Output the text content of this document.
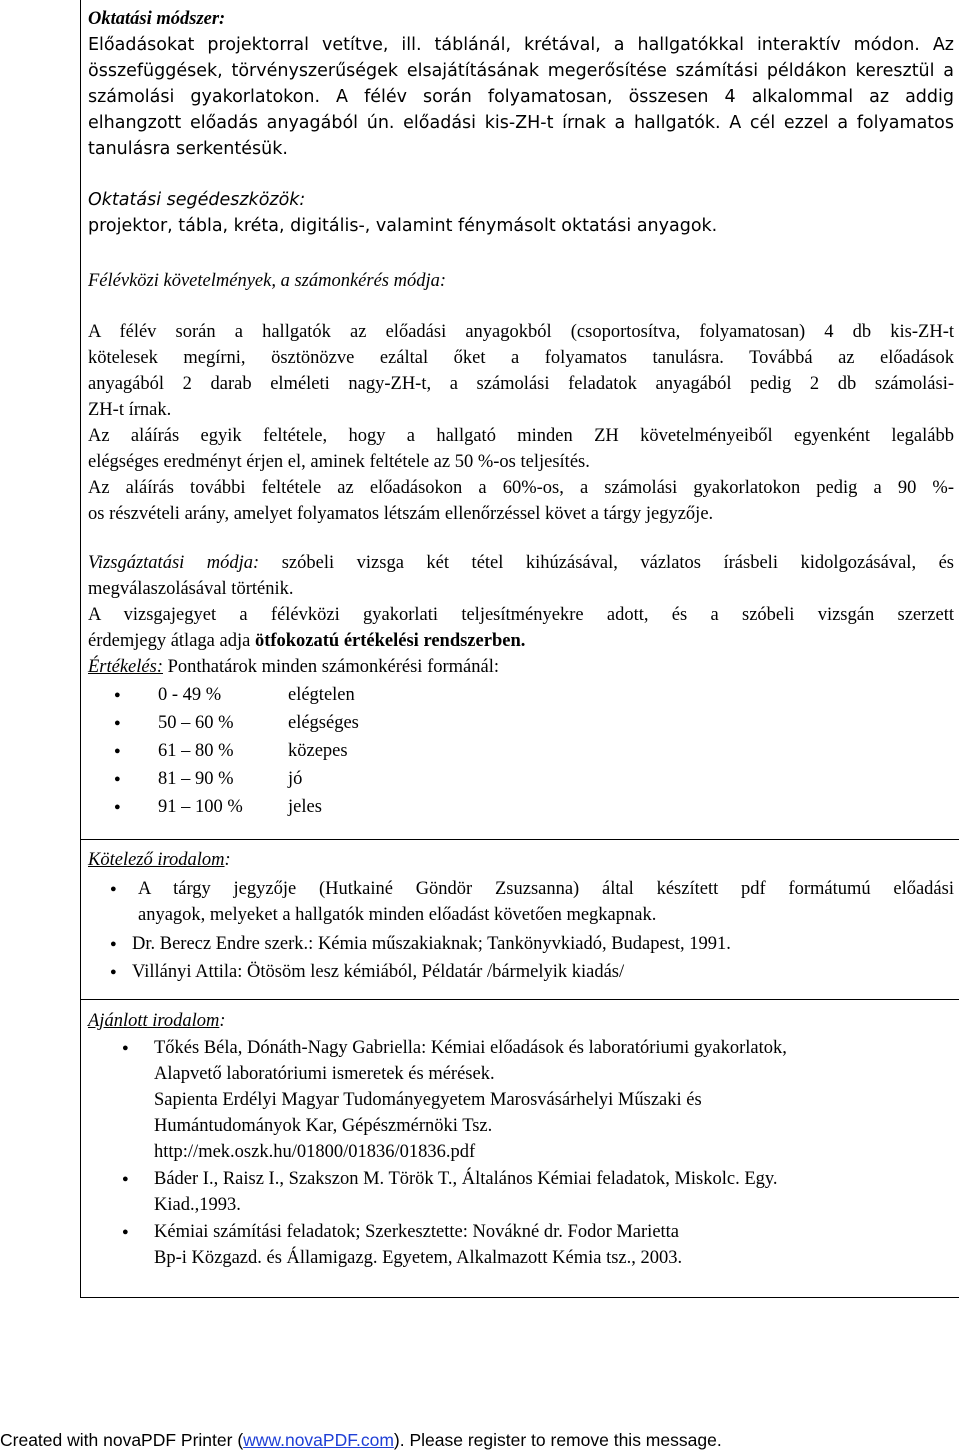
Oktatási módszer:

Előadásokat projektorral vetítve, ill. táblánál, krétával, a hallgatókkal interaktív módon. Az

összefüggések, törvényszerűségek elsajátításának megerősítése számítási példákon keresztül a

számolási gyakorlatokon. A félév során folyamatosan, összesen 4 alkalommal az addig

elhangzott előadás anyagából ún. előadási kis-ZH-t írnak a hallgatók. A cél ezzel a folyamatos

tanulásra serkentésük.

Oktatási segédeszközök:
projektor, tábla, kréta, digitális-, valamint fénymásolt oktatási anyagok.
Félévközi követelmények, a számonkérés módja:

A félév során a hallgatók az előadási anyagokból (csoportosítva, folyamatosan) 4 db kis-ZH-t

kötelesek megírni, ösztönözve ezáltal őket a folyamatos tanulásra. Továbbá az előadások

anyagából 2 darab elméleti nagy-ZH-t, a számolási feladatok anyagából pedig 2 db számolási-

ZH-t írnak.

Az aláírás egyik feltétele, hogy a hallgató minden ZH követelményeiből egyenként legalább

elégséges eredményt érjen el, aminek feltétele az 50 %-os teljesítés.

Az aláírás további feltétele az előadásokon a 60%-os, a számolási gyakorlatokon pedig a 90 %-

os részvételi arány, amelyet folyamatos létszám ellenőrzéssel követ a tárgy jegyzője.

Vizsgáztatási módja: szóbeli vizsga két tétel kihúzásával, vázlatos írásbeli kidolgozásával, és

megválaszolásával történik.

A vizsgajegyet a félévközi gyakorlati teljesítményekre adott, és a szóbeli vizsgán szerzett

érdemjegy átlaga adja ötfokozatú értékelési rendszerben.

Értékelés: Ponthatárok minden számonkérési formánál:

●	0 - 49 %	elégtelen
●	50 – 60 %	elégséges
●	61 – 80 %	közepes
●	81 – 90 %	jó
●	91 – 100 %	jeles
Kötelező irodalom:
● A tárgy jegyzője (Hutkainé Göndör Zsuzsanna) által készített pdf formátumú előadási

anyagok, melyeket a hallgatók minden előadást követően megkapnak.

● Dr. Berecz Endre szerk.: Kémia műszakiaknak; Tankönyvkiadó, Budapest, 1991.

● Villányi Attila: Ötösöm lesz kémiából, Példatár /bármelyik kiadás/

Ajánlott irodalom:
● Tőkés Béla, Dónáth-Nagy Gabriella: Kémiai előadások és laboratóriumi gyakorlatok,

Alapvető laboratóriumi ismeretek és mérések.

Sapienta Erdélyi Magyar Tudományegyetem Marosvásárhelyi Műszaki és

Humántudományok Kar, Gépészmérnöki Tsz.

http://mek.oszk.hu/01800/01836/01836.pdf

● Báder I., Raisz I., Szakszon M. Török T., Általános Kémiai feladatok, Miskolc. Egy.

Kiad.,1993.

● Kémiai számítási feladatok; Szerkesztette: Novákné dr. Fodor Marietta

Bp-i Közgazd. és Államigazg. Egyetem, Alkalmazott Kémia tsz., 2003.

Created with novaPDF Printer (www.novaPDF.com). Please register to remove this message.
